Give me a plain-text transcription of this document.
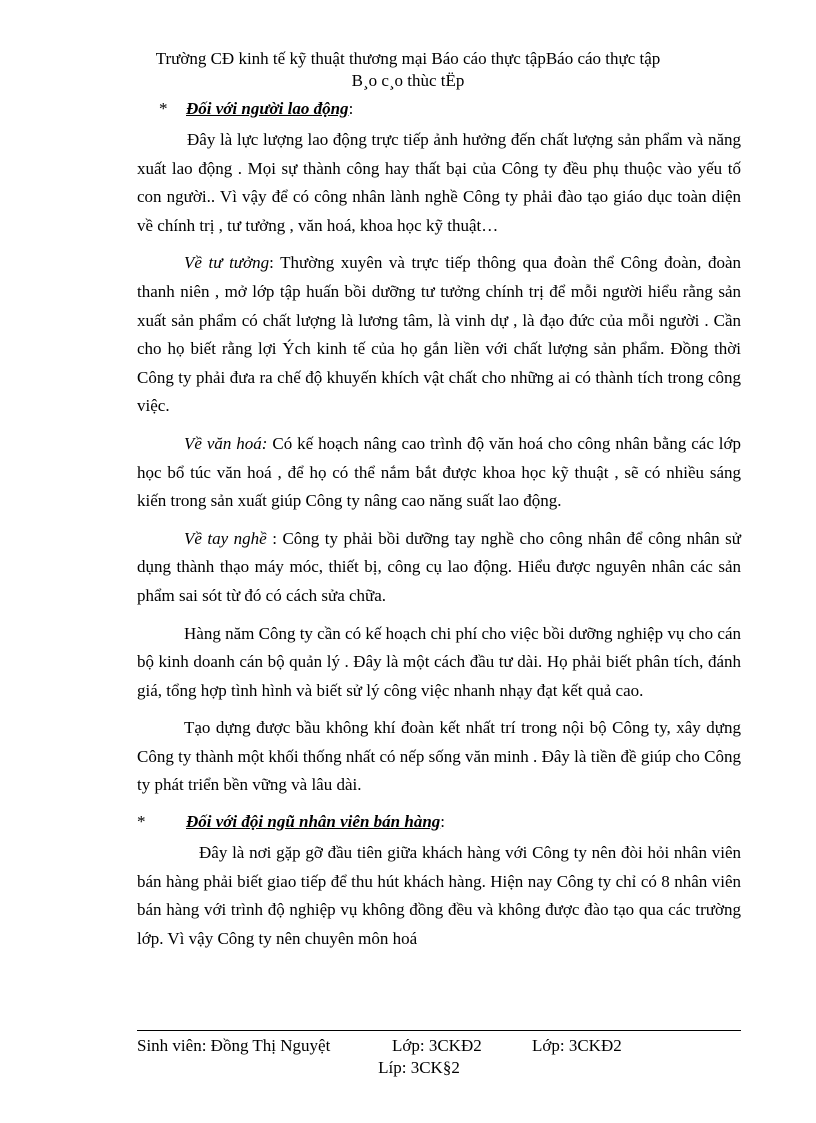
Trường CĐ kinh tế kỹ thuật thương mại Báo cáo thực tậpBáo cáo thực tập
B¸o c¸o thùc tËp
* Đối với người lao động:

Đây là lực lượng lao động trực tiếp ảnh hưởng đến chất lượng sản phẩm và năng xuất lao động . Mọi sự thành công hay thất bại của Công ty đều phụ thuộc vào yếu tố con người.. Vì vậy để có công nhân lành nghề Công ty phải đào tạo giáo dục toàn diện về chính trị , tư tưởng , văn hoá, khoa học kỹ thuật…

Về tư tưởng: Thường xuyên và trực tiếp thông qua đoàn thể Công đoàn, đoàn thanh niên , mở lớp tập huấn bồi dưỡng tư tưởng chính trị để mỗi người hiểu rằng sản xuất sản phẩm có chất lượng là lương tâm, là vinh dự , là đạo đức của mỗi người . Cần cho họ biết rằng lợi Ých kinh tế của họ gắn liền với chất lượng sản phẩm. Đồng thời Công ty phải đưa ra chế độ khuyến khích vật chất cho những ai có thành tích trong công việc.

Về văn hoá: Có kế hoạch nâng cao trình độ văn hoá cho công nhân bằng các lớp học bổ túc văn hoá , để họ có thể nắm bắt được khoa học kỹ thuật , sẽ có nhiều sáng kiến trong sản xuất giúp Công ty nâng cao năng suất lao động.

Về tay nghề : Công ty phải bồi dưỡng tay nghề cho công nhân để công nhân sử dụng thành thạo máy móc, thiết bị, công cụ lao động. Hiểu được nguyên nhân các sản phẩm sai sót từ đó có cách sửa chữa.

Hàng năm Công ty cần có kế hoạch chi phí cho việc bồi dưỡng nghiệp vụ cho cán bộ kinh doanh cán bộ quản lý . Đây là một cách đầu tư dài. Họ phải biết phân tích, đánh giá, tổng hợp tình hình và biết sử lý công việc nhanh nhạy đạt kết quả cao.

Tạo dựng được bầu không khí đoàn kết nhất trí trong nội bộ Công ty, xây dựng Công ty thành một khối thống nhất có nếp sống văn minh . Đây là tiền đề giúp cho Công ty phát triển bền vững và lâu dài.

* Đối với đội ngũ nhân viên bán hàng:

Đây là nơi gặp gỡ đầu tiên giữa khách hàng với Công ty nên đòi hỏi nhân viên bán hàng phải biết giao tiếp để thu hút khách hàng. Hiện nay Công ty chỉ có 8 nhân viên bán hàng với trình độ nghiệp vụ không đồng đều và không được đào tạo qua các trường lớp. Vì vậy Công ty nên chuyên môn hoá

Sinh viên: Đồng Thị Nguyệt	Lớp: 3CKĐ2	Lớp: 3CKĐ2
Líp: 3CK§2
